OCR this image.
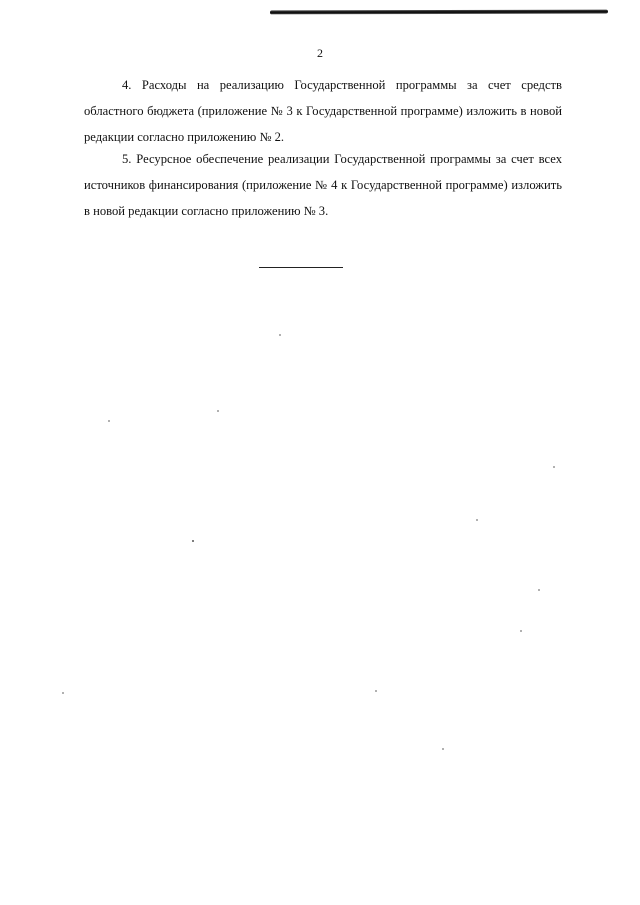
2

4. Расходы на реализацию Государственной программы за счет средств областного бюджета (приложение № 3 к Государственной программе) изложить в новой редакции согласно приложению № 2.

5. Ресурсное обеспечение реализации Государственной программы за счет всех источников финансирования (приложение № 4 к Государственной программе) изложить в новой редакции согласно приложению № 3.
